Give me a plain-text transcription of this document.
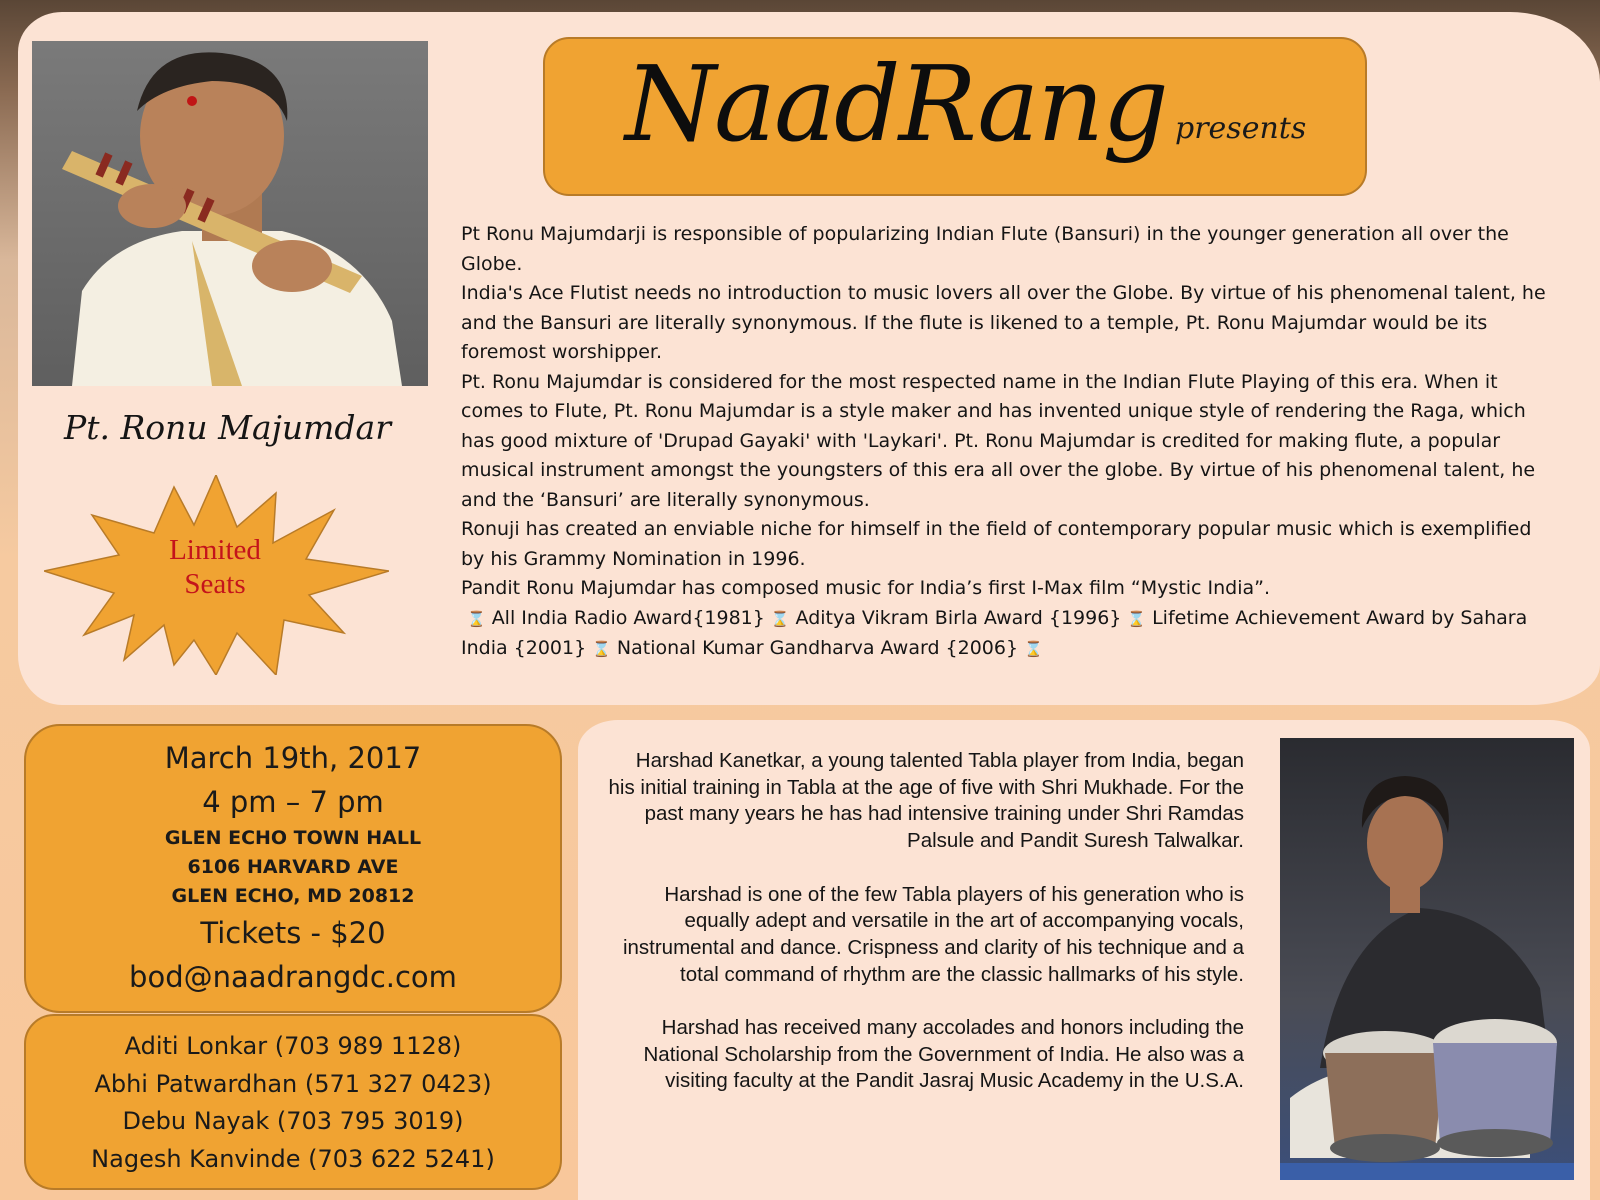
NaadRang presents
Pt. Ronu Majumdar
Limited
Seats

Pt Ronu Majumdarji is responsible of popularizing Indian Flute (Bansuri) in the younger generation all over the Globe.

India's Ace Flutist needs no introduction to music lovers all over the Globe. By virtue of his phenomenal talent, he and the Bansuri are literally synonymous. If the flute is likened to a temple, Pt. Ronu Majumdar would be its foremost worshipper.

Pt. Ronu Majumdar is considered for the most respected name in the Indian Flute Playing of this era. When it comes to Flute, Pt. Ronu Majumdar is a style maker and has invented unique style of rendering the Raga, which has good mixture of 'Drupad Gayaki' with 'Laykari'. Pt. Ronu Majumdar is credited for making flute, a popular musical instrument amongst the youngsters of this era all over the globe. By virtue of his phenomenal talent, he and the ‘Bansuri’ are literally synonymous.

Ronuji has created an enviable niche for himself in the field of contemporary popular music which is exemplified by his Grammy Nomination in 1996.

Pandit Ronu Majumdar has composed music for India’s first I-Max film “Mystic India”.

⌛ All India Radio Award{1981} ⌛ Aditya Vikram Birla Award {1996} ⌛ Lifetime Achievement Award by Sahara India {2001} ⌛ National Kumar Gandharva Award {2006} ⌛

March 19th, 2017
4 pm – 7 pm
GLEN ECHO TOWN HALL
6106 HARVARD AVE
GLEN ECHO, MD 20812
Tickets - $20
bod@naadrangdc.com
Aditi Lonkar (703 989 1128)
Abhi Patwardhan (571 327 0423)
Debu Nayak (703 795 3019)
Nagesh Kanvinde (703 622 5241)

Harshad Kanetkar, a young talented Tabla player from India, began his initial training in Tabla at the age of five with Shri Mukhade. For the past many years he has had intensive training under Shri Ramdas Palsule and Pandit Suresh Talwalkar.

Harshad is one of the few Tabla players of his generation who is equally adept and versatile in the art of accompanying vocals, instrumental and dance. Crispness and clarity of his technique and a total command of rhythm are the classic hallmarks of his style.

Harshad has received many accolades and honors including the National Scholarship from the Government of India. He also was a visiting faculty at the Pandit Jasraj Music Academy in the U.S.A.
